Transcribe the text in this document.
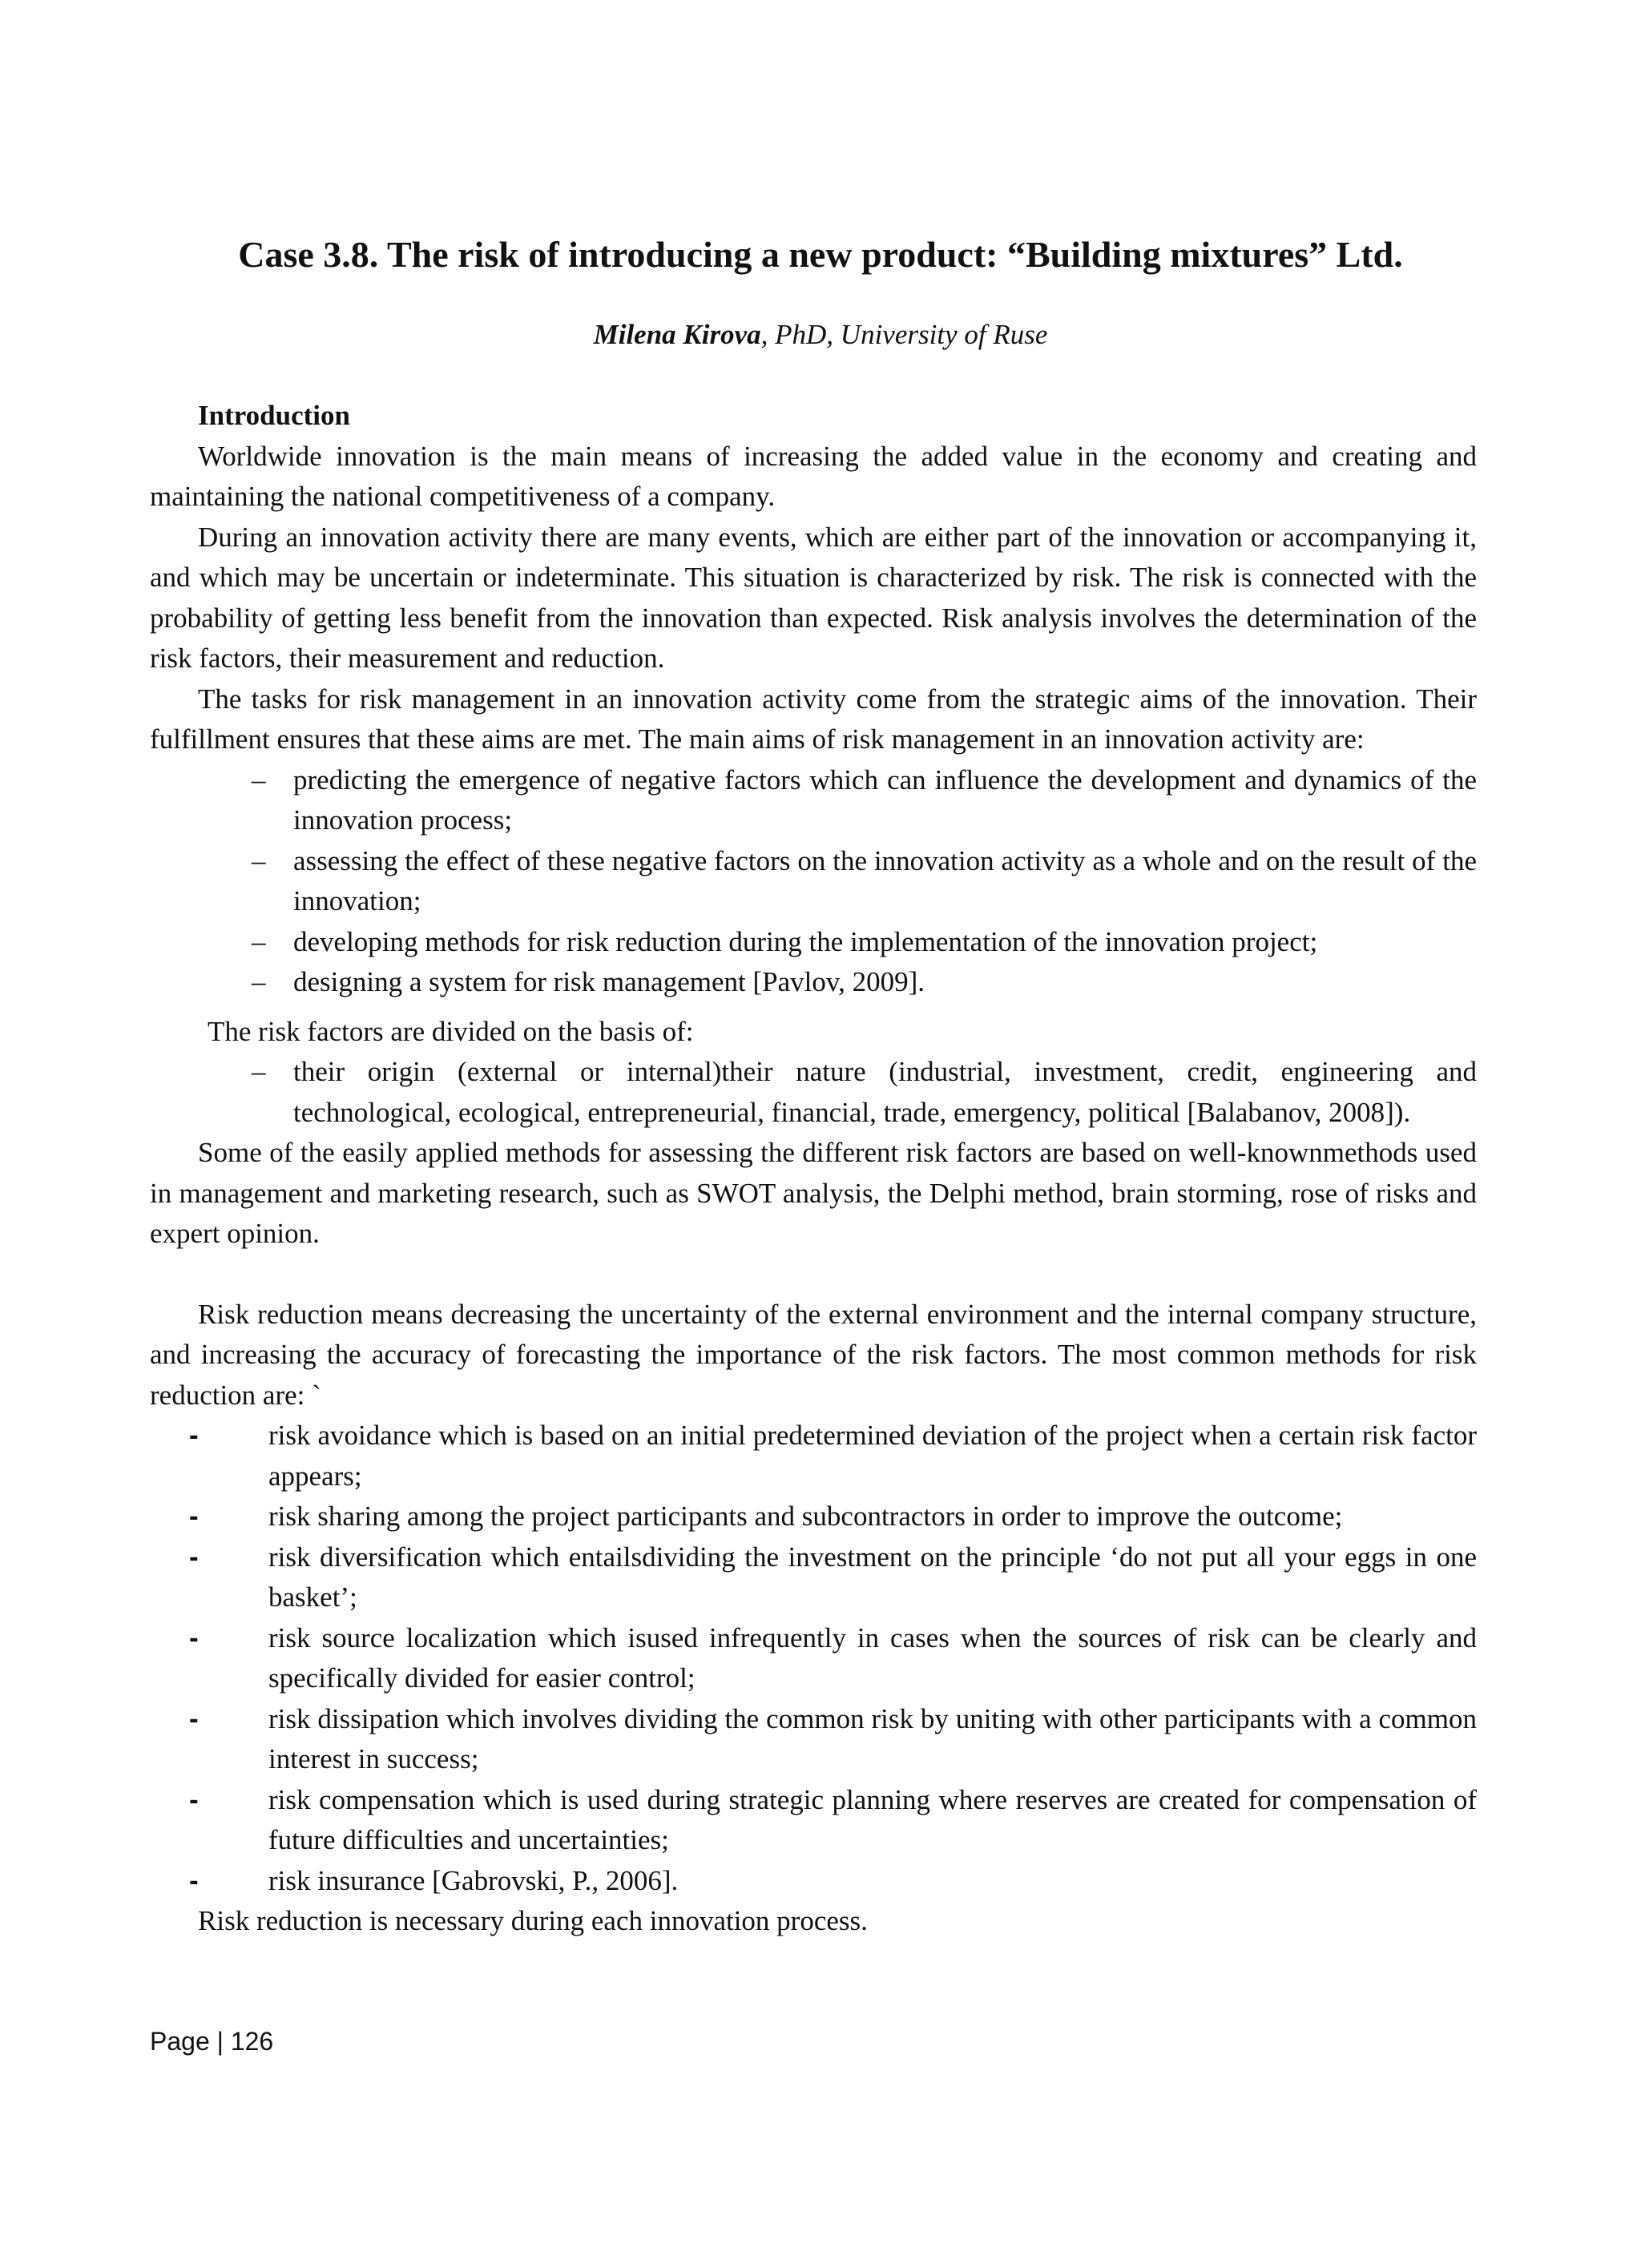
Case 3.8. The risk of introducing a new product: “Building mixtures” Ltd.
Milena Kirova, PhD, University of Ruse

Introduction

Worldwide innovation is the main means of increasing the added value in the economy and creating and maintaining the national competitiveness of a company.

During an innovation activity there are many events, which are either part of the innovation or accompanying it, and which may be uncertain or indeterminate. This situation is characterized by risk. The risk is connected with the probability of getting less benefit from the innovation than expected. Risk analysis involves the determination of the risk factors, their measurement and reduction.

The tasks for risk management in an innovation activity come from the strategic aims of the innovation. Their fulfillment ensures that these aims are met. The main aims of risk management in an innovation activity are:

– predicting the emergence of negative factors which can influence the development and dynamics of the innovation process;
– assessing the effect of these negative factors on the innovation activity as a whole and on the result of the innovation;
– developing methods for risk reduction during the implementation of the innovation project;
– designing a system for risk management [Pavlov, 2009].

The risk factors are divided on the basis of:

– their origin (external or internal)their nature (industrial, investment, credit, engineering and technological, ecological, entrepreneurial, financial, trade, emergency, political [Balabanov, 2008]).

Some of the easily applied methods for assessing the different risk factors are based on well-knownmethods used in management and marketing research, such as SWOT analysis, the Delphi method, brain storming, rose of risks and expert opinion.

Risk reduction means decreasing the uncertainty of the external environment and the internal company structure, and increasing the accuracy of forecasting the importance of the risk factors. The most common methods for risk reduction are: `

- risk avoidance which is based on an initial predetermined deviation of the project when a certain risk factor appears;
- risk sharing among the project participants and subcontractors in order to improve the outcome;
- risk diversification which entailsdividing the investment on the principle ‘do not put all your eggs in one basket’;
- risk source localization which isused infrequently in cases when the sources of risk can be clearly and specifically divided for easier control;
- risk dissipation which involves dividing the common risk by uniting with other participants with a common interest in success;
- risk compensation which is used during strategic planning where reserves are created for compensation of future difficulties and uncertainties;
- risk insurance [Gabrovski, P., 2006].

Risk reduction is necessary during each innovation process.

Page | 126
